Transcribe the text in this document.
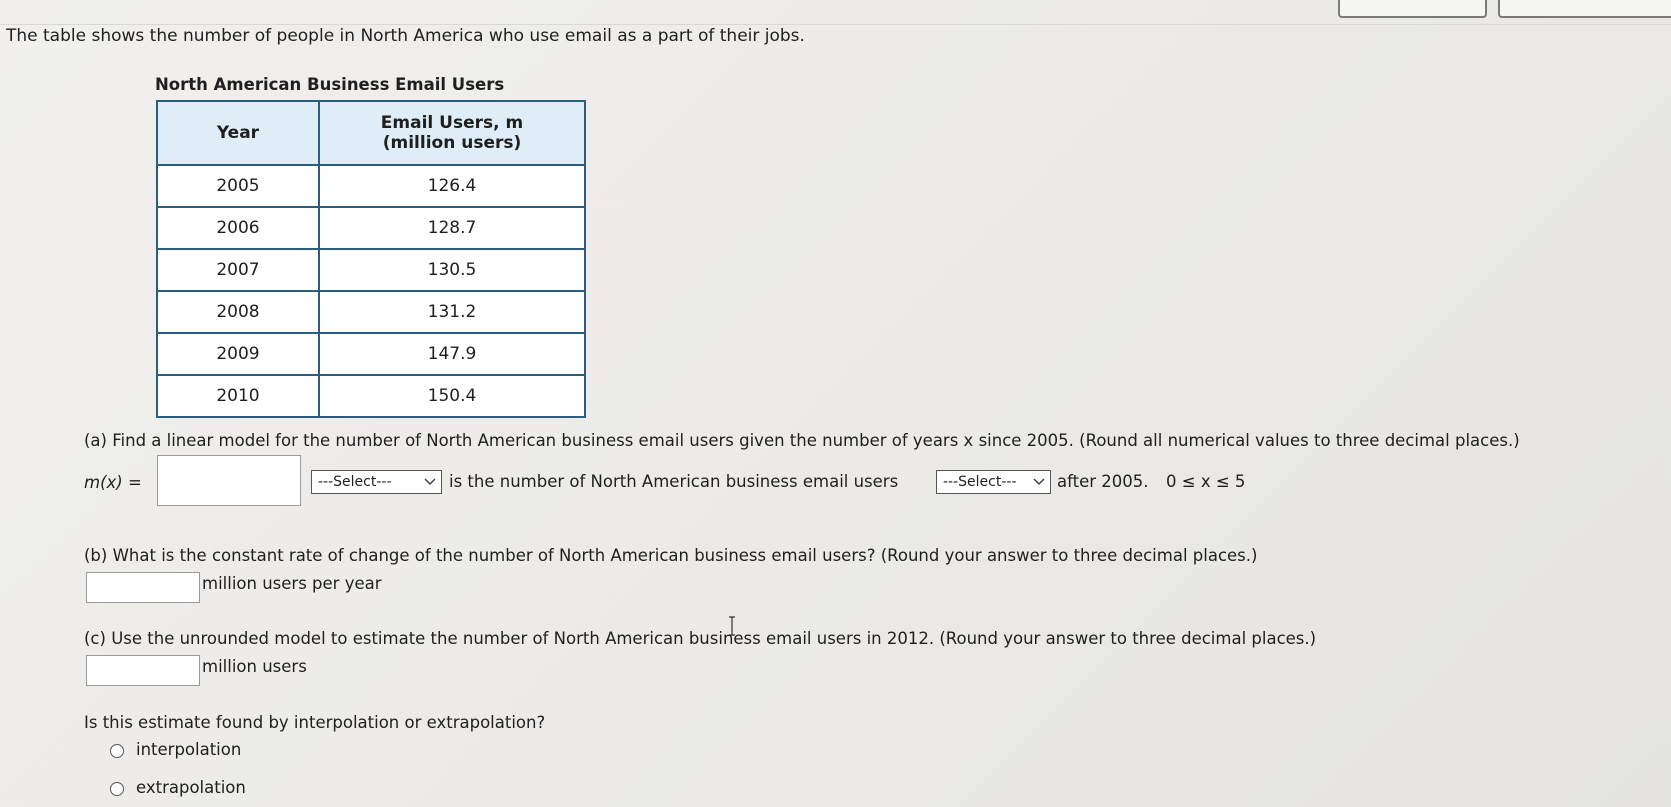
The table shows the number of people in North America who use email as a part of their jobs.
North American Business Email Users
Year	Email Users, m
(million users)
2005	126.4
2006	128.7
2007	130.5
2008	131.2
2009	147.9
2010	150.4
(a) Find a linear model for the number of North American business email users given the number of years x since 2005. (Round all numerical values to three decimal places.)
m(x) =	---Select---	is the number of North American business email users	---Select---	after 2005. 0 ≤ x ≤ 5
(b) What is the constant rate of change of the number of North American business email users? (Round your answer to three decimal places.)
million users per year
(c) Use the unrounded model to estimate the number of North American business email users in 2012. (Round your answer to three decimal places.)
million users
Is this estimate found by interpolation or extrapolation?
interpolation
extrapolation
